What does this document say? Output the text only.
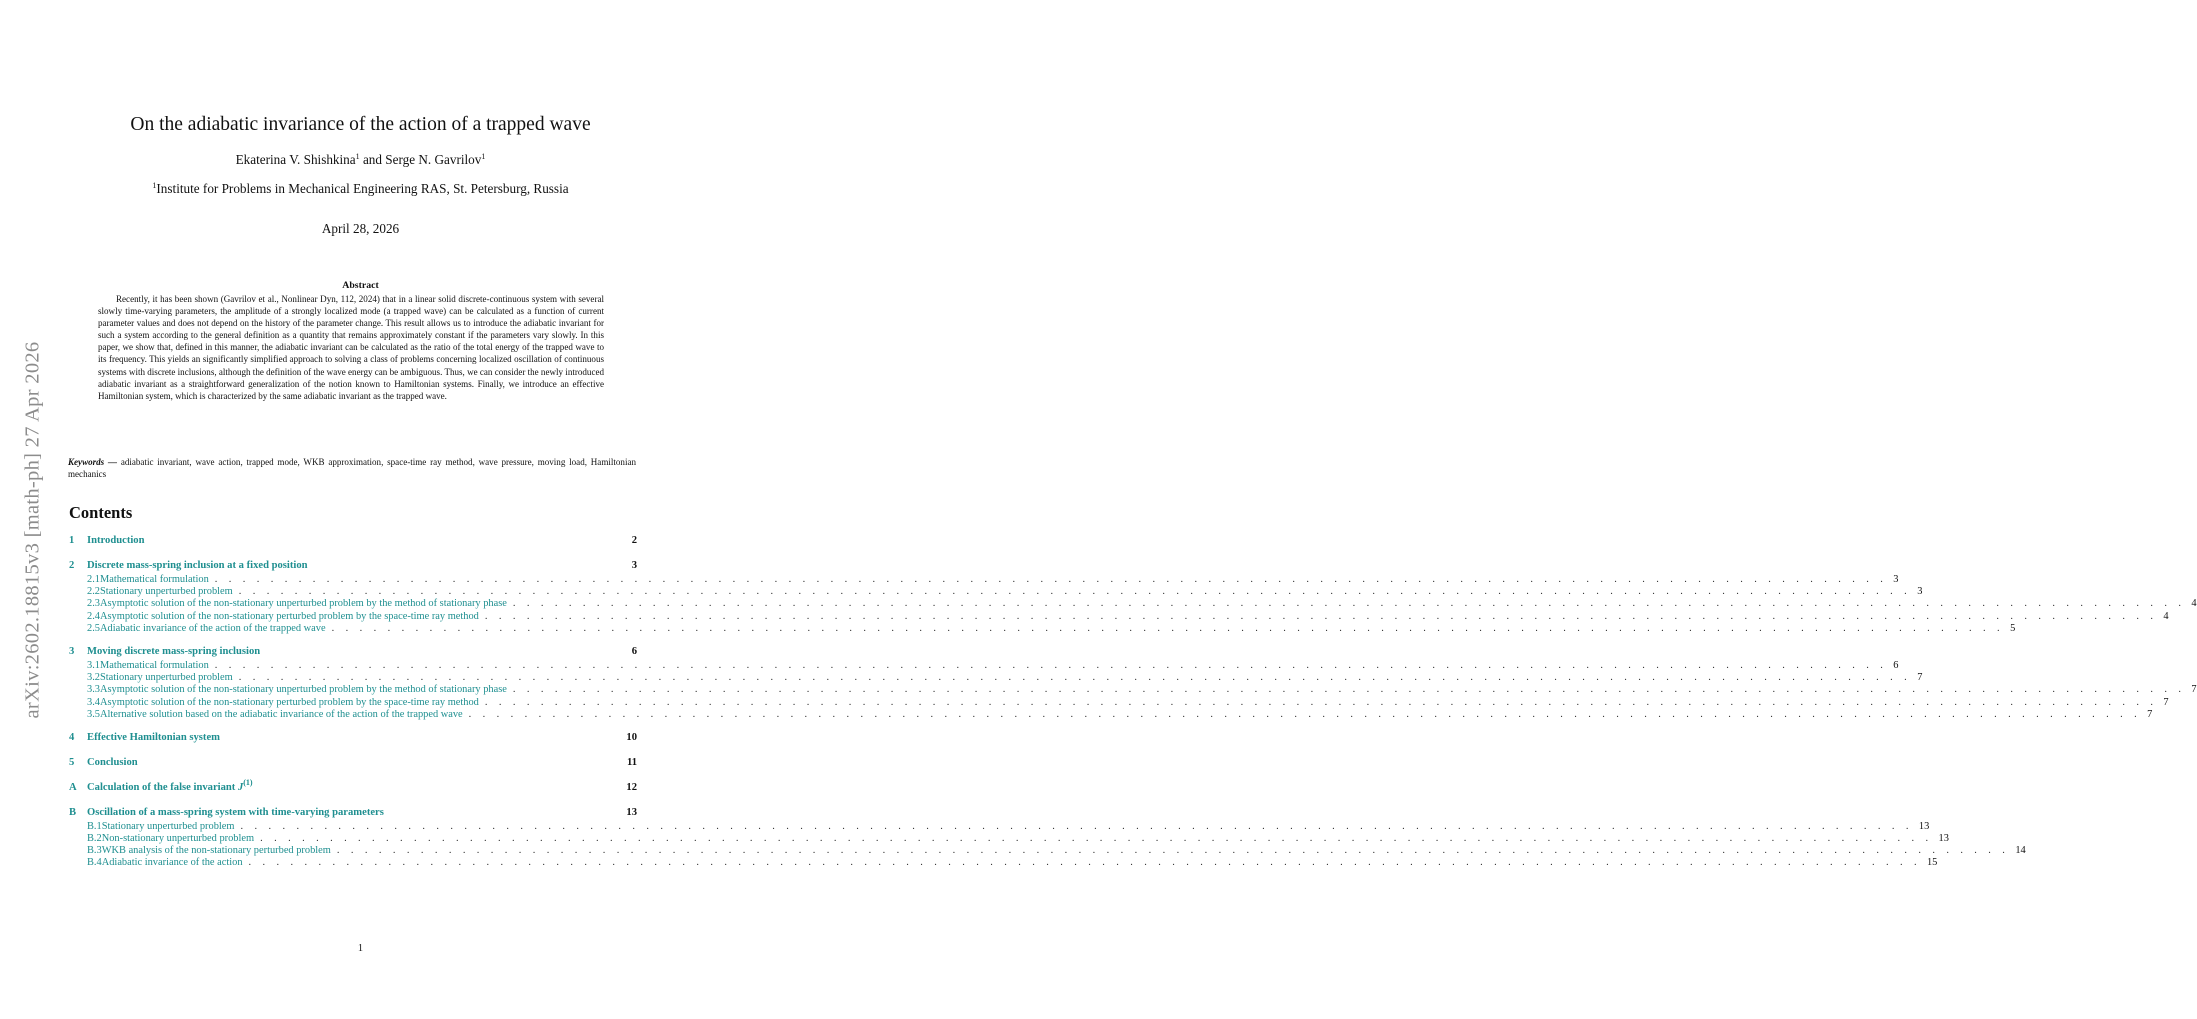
arXiv:2602.18815v3 [math-ph] 27 Apr 2026
On the adiabatic invariance of the action of a trapped wave
Ekaterina V. Shishkina$^1$ and Serge N. Gavrilov$^1$
$^1$Institute for Problems in Mechanical Engineering RAS, St. Petersburg, Russia
April 28, 2026
Abstract

Recently, it has been shown (Gavrilov et al., Nonlinear Dyn, 112, 2024) that in a linear solid discrete-continuous system with several slowly time-varying parameters, the amplitude of a strongly localized mode (a trapped wave) can be calculated as a function of current parameter values and does not depend on the history of the parameter change. This result allows us to introduce the adiabatic invariant for such a system according to the general definition as a quantity that remains approximately constant if the parameters vary slowly. In this paper, we show that, defined in this manner, the adiabatic invariant can be calculated as the ratio of the total energy of the trapped wave to its frequency. This yields an significantly simplified approach to solving a class of problems concerning localized oscillation of continuous systems with discrete inclusions, although the definition of the wave energy can be ambiguous. Thus, we can consider the newly introduced adiabatic invariant as a straightforward generalization of the notion known to Hamiltonian systems. Finally, we introduce an effective Hamiltonian system, which is characterized by the same adiabatic invariant as the trapped wave.

Keywords — adiabatic invariant, wave action, trapped mode, WKB approximation, space-time ray method, wave pressure, moving load, Hamiltonian mechanics

Contents
1	Introduction	2
2	Discrete mass-spring inclusion at a fixed position	3
2.1 Mathematical formulation . . . . . . . . . . . . . . . . . . . . . . . . . . . . . . . . . . . . . . . . . . . . . . . . . . . . . . . . . . . . . . . . . . . . . . . . . . . . . . . . . . . . . . . . . . . . . . . . . . . . . . . . . . . . . . . . . . . . . . . . 3
2.2 Stationary unperturbed problem . . . . . . . . . . . . . . . . . . . . . . . . . . . . . . . . . . . . . . . . . . . . . . . . . . . . . . . . . . . . . . . . . . . . . . . . . . . . . . . . . . . . . . . . . . . . . . . . . . . . . . . . . . . . . . . . . . . . . . . . 3
2.3 Asymptotic solution of the non-stationary unperturbed problem by the method of stationary phase . . . . . . . . . . . . . . . . . . . . . . . . . . . . . . . . . . . . . . . . . . . . . . . . . . . . . . . . . . . . . . . . . . . . . . . . . . . . . . . . . . . . . . . . . . . . . . . . . . . . . . . . . . . . . . . . . . . . . . . . 4
2.4 Asymptotic solution of the non-stationary perturbed problem by the space-time ray method . . . . . . . . . . . . . . . . . . . . . . . . . . . . . . . . . . . . . . . . . . . . . . . . . . . . . . . . . . . . . . . . . . . . . . . . . . . . . . . . . . . . . . . . . . . . . . . . . . . . . . . . . . . . . . . . . . . . . . . . 4
2.5 Adiabatic invariance of the action of the trapped wave . . . . . . . . . . . . . . . . . . . . . . . . . . . . . . . . . . . . . . . . . . . . . . . . . . . . . . . . . . . . . . . . . . . . . . . . . . . . . . . . . . . . . . . . . . . . . . . . . . . . . . . . . . . . . . . . . . . . . . . . 5
3	Moving discrete mass-spring inclusion	6
3.1 Mathematical formulation . . . . . . . . . . . . . . . . . . . . . . . . . . . . . . . . . . . . . . . . . . . . . . . . . . . . . . . . . . . . . . . . . . . . . . . . . . . . . . . . . . . . . . . . . . . . . . . . . . . . . . . . . . . . . . . . . . . . . . . . 6
3.2 Stationary unperturbed problem . . . . . . . . . . . . . . . . . . . . . . . . . . . . . . . . . . . . . . . . . . . . . . . . . . . . . . . . . . . . . . . . . . . . . . . . . . . . . . . . . . . . . . . . . . . . . . . . . . . . . . . . . . . . . . . . . . . . . . . . 7
3.3 Asymptotic solution of the non-stationary unperturbed problem by the method of stationary phase . . . . . . . . . . . . . . . . . . . . . . . . . . . . . . . . . . . . . . . . . . . . . . . . . . . . . . . . . . . . . . . . . . . . . . . . . . . . . . . . . . . . . . . . . . . . . . . . . . . . . . . . . . . . . . . . . . . . . . . . 7
3.4 Asymptotic solution of the non-stationary perturbed problem by the space-time ray method . . . . . . . . . . . . . . . . . . . . . . . . . . . . . . . . . . . . . . . . . . . . . . . . . . . . . . . . . . . . . . . . . . . . . . . . . . . . . . . . . . . . . . . . . . . . . . . . . . . . . . . . . . . . . . . . . . . . . . . . 7
3.5 Alternative solution based on the adiabatic invariance of the action of the trapped wave . . . . . . . . . . . . . . . . . . . . . . . . . . . . . . . . . . . . . . . . . . . . . . . . . . . . . . . . . . . . . . . . . . . . . . . . . . . . . . . . . . . . . . . . . . . . . . . . . . . . . . . . . . . . . . . . . . . . . . . . 7
4	Effective Hamiltonian system	10
5	Conclusion	11
A Calculation of the false invariant $J^{(1)}$	12
B	Oscillation of a mass-spring system with time-varying parameters	13
B.1 Stationary unperturbed problem . . . . . . . . . . . . . . . . . . . . . . . . . . . . . . . . . . . . . . . . . . . . . . . . . . . . . . . . . . . . . . . . . . . . . . . . . . . . . . . . . . . . . . . . . . . . . . . . . . . . . . . . . . . . . . . . . . . . . . . . 13
B.2 Non-stationary unperturbed problem . . . . . . . . . . . . . . . . . . . . . . . . . . . . . . . . . . . . . . . . . . . . . . . . . . . . . . . . . . . . . . . . . . . . . . . . . . . . . . . . . . . . . . . . . . . . . . . . . . . . . . . . . . . . . . . . . . . . . . . . 13
B.3 WKB analysis of the non-stationary perturbed problem . . . . . . . . . . . . . . . . . . . . . . . . . . . . . . . . . . . . . . . . . . . . . . . . . . . . . . . . . . . . . . . . . . . . . . . . . . . . . . . . . . . . . . . . . . . . . . . . . . . . . . . . . . . . . . . . . . . . . . . . 14
B.4 Adiabatic invariance of the action . . . . . . . . . . . . . . . . . . . . . . . . . . . . . . . . . . . . . . . . . . . . . . . . . . . . . . . . . . . . . . . . . . . . . . . . . . . . . . . . . . . . . . . . . . . . . . . . . . . . . . . . . . . . . . . . . . . . . . . . 15
1
